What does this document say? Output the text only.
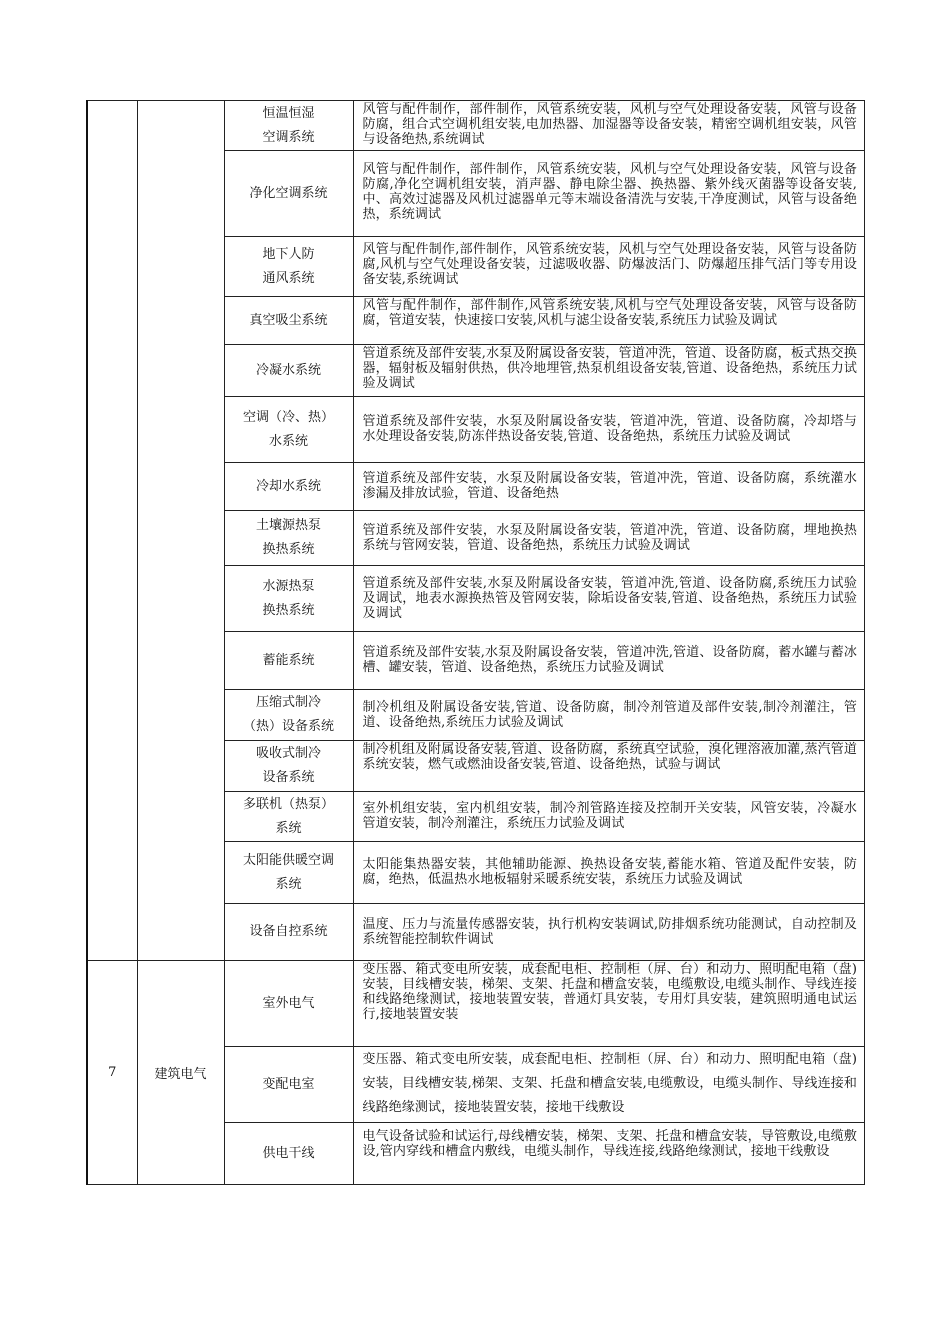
		恒温恒湿
空调系统	风管与配件制作，部件制作，风管系统安装，风机与空气处理设备安装，风管与设备防腐，组合式空调机组安装,电加热器、加湿器等设备安装，精密空调机组安装，风管与设备绝热,系统调试

		净化空调系统	风管与配件制作，部件制作，风管系统安装，风机与空气处理设备安装，风管与设备防腐,净化空调机组安装，消声器、静电除尘器、换热器、紫外线灭菌器等设备安装,中、高效过滤器及风机过滤器单元等末端设备清洗与安装,干净度测试，风管与设备绝热，系统调试

		地下人防
通风系统	风管与配件制作,部件制作，风管系统安装，风机与空气处理设备安装，风管与设备防腐,风机与空气处理设备安装，过滤吸收器、防爆波活门、防爆超压排气活门等专用设备安装,系统调试

		真空吸尘系统	风管与配件制作，部件制作,风管系统安装,风机与空气处理设备安装，风管与设备防腐，管道安装，快速接口安装,风机与滤尘设备安装,系统压力试验及调试

		冷凝水系统	管道系统及部件安装,水泵及附属设备安装，管道冲洗，管道、设备防腐，板式热交换器，辐射板及辐射供热，供冷地埋管,热泵机组设备安装,管道、设备绝热，系统压力试验及调试

		空调（冷、热）
水系统	管道系统及部件安装，水泵及附属设备安装，管道冲洗，管道、设备防腐，冷却塔与水处理设备安装,防冻伴热设备安装,管道、设备绝热，系统压力试验及调试

		冷却水系统	管道系统及部件安装，水泵及附属设备安装，管道冲洗，管道、设备防腐，系统灌水渗漏及排放试验，管道、设备绝热

		土壤源热泵
换热系统	管道系统及部件安装，水泵及附属设备安装，管道冲洗，管道、设备防腐，埋地换热系统与管网安装，管道、设备绝热，系统压力试验及调试

		水源热泵
换热系统	管道系统及部件安装,水泵及附属设备安装，管道冲洗,管道、设备防腐,系统压力试验及调试，地表水源换热管及管网安装，除垢设备安装,管道、设备绝热，系统压力试验及调试

		蓄能系统	管道系统及部件安装,水泵及附属设备安装，管道冲洗,管道、设备防腐，蓄水罐与蓄冰槽、罐安装，管道、设备绝热，系统压力试验及调试

		压缩式制冷
（热）设备系统	制冷机组及附属设备安装,管道、设备防腐，制冷剂管道及部件安装,制冷剂灌注，管道、设备绝热,系统压力试验及调试

		吸收式制冷
设备系统	制冷机组及附属设备安装,管道、设备防腐，系统真空试验，溴化锂溶液加灌,蒸汽管道系统安装，燃气或燃油设备安装,管道、设备绝热，试验与调试

		多联机（热泵）
系统	室外机组安装，室内机组安装，制冷剂管路连接及控制开关安装，风管安装，冷凝水管道安装，制冷剂灌注，系统压力试验及调试

		太阳能供暖空调
系统	太阳能集热器安装，其他辅助能源、换热设备安装,蓄能水箱、管道及配件安装，防腐，绝热，低温热水地板辐射采暖系统安装，系统压力试验及调试

		设备自控系统	温度、压力与流量传感器安装，执行机构安装调试,防排烟系统功能测试，自动控制及系统智能控制软件调试
7	建筑电气	室外电气	变压器、箱式变电所安装，成套配电柜、控制柜（屏、台）和动力、照明配电箱（盘)安装，目线槽安装，梯架、支架、托盘和槽盒安装，电缆敷设,电缆头制作、导线连接和线路绝缘测试，接地装置安装，普通灯具安装，专用灯具安装，建筑照明通电试运行,接地装置安装

		变配电室	变压器、箱式变电所安装，成套配电柜、控制柜（屏、台）和动力、照明配电箱（盘)安装，目线槽安装,梯架、支架、托盘和槽盒安装,电缆敷设，电缆头制作、导线连接和线路绝缘测试，接地装置安装，接地干线敷设

		供电干线	电气设备试验和试运行,母线槽安装，梯架、支架、托盘和槽盒安装，导管敷设,电缆敷设,管内穿线和槽盒内敷线，电缆头制作，导线连接,线路绝缘测试，接地干线敷设
